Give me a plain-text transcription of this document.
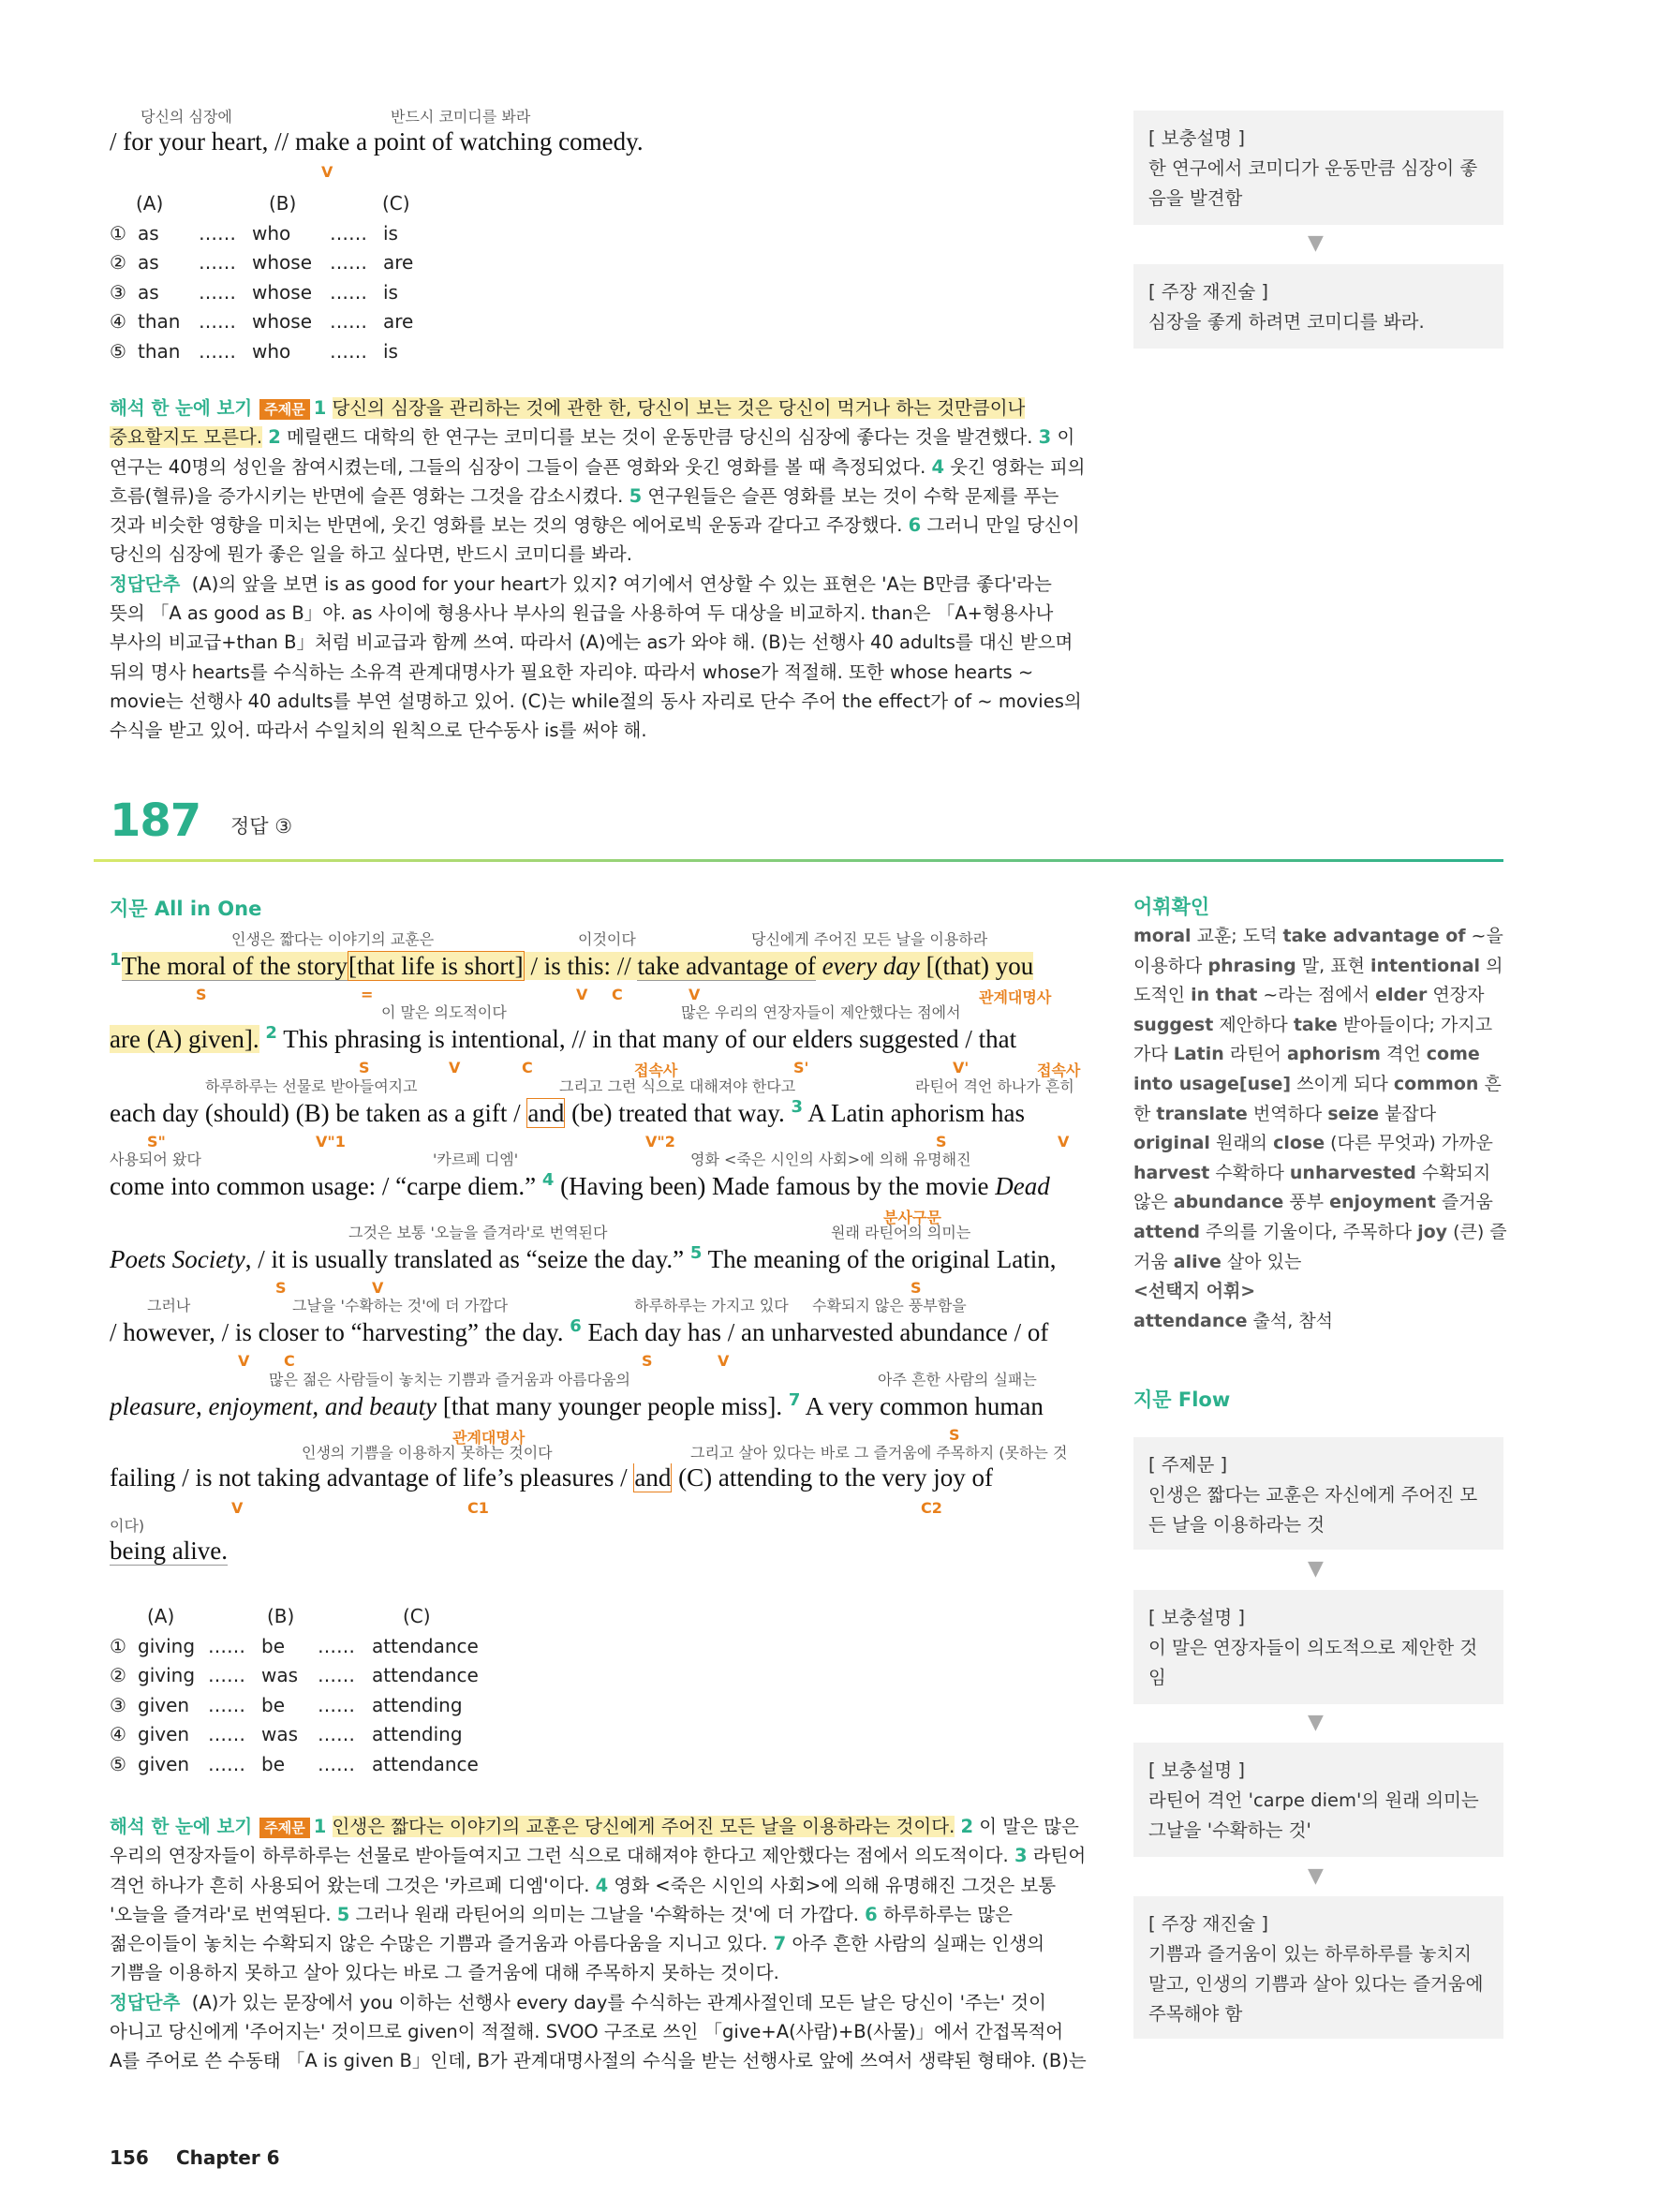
당신의 심장에	반드시 코미디를 봐라
/ for your heart, // make a point of watching comedy.
V
(A)	(B)	(C)
① as …… who …… is
② as …… whose …… are
③ as …… whose …… is
④ than …… whose …… are
⑤ than …… who …… is
해석 한 눈에 보기 주제문 1 당신의 심장을 관리하는 것에 관한 한, 당신이 보는 것은 당신이 먹거나 하는 것만큼이나 중요할지도 모른다. 2 메릴랜드 대학의 한 연구는 코미디를 보는 것이 운동만큼 당신의 심장에 좋다는 것을 발견했다. 3 이 연구는 40명의 성인을 참여시켰는데, 그들의 심장이 그들이 슬픈 영화와 웃긴 영화를 볼 때 측정되었다. 4 웃긴 영화는 피의 흐름(혈류)을 증가시키는 반면에 슬픈 영화는 그것을 감소시켰다. 5 연구원들은 슬픈 영화를 보는 것이 수학 문제를 푸는 것과 비슷한 영향을 미치는 반면에, 웃긴 영화를 보는 것의 영향은 에어로빅 운동과 같다고 주장했다. 6 그러니 만일 당신이 당신의 심장에 뭔가 좋은 일을 하고 싶다면, 반드시 코미디를 봐라.
정답단추 (A)의 앞을 보면 is as good for your heart가 있지? 여기에서 연상할 수 있는 표현은 'A는 B만큼 좋다'라는 뜻의 「A as good as B」야. as 사이에 형용사나 부사의 원급을 사용하여 두 대상을 비교하지. than은 「A+형용사나 부사의 비교급+than B」처럼 비교급과 함께 쓰여. 따라서 (A)에는 as가 와야 해. (B)는 선행사 40 adults를 대신 받으며 뒤의 명사 hearts를 수식하는 소유격 관계대명사가 필요한 자리야. 따라서 whose가 적절해. 또한 whose hearts ~ movie는 선행사 40 adults를 부연 설명하고 있어. (C)는 while절의 동사 자리로 단수 주어 the effect가 of ~ movies의 수식을 받고 있어. 따라서 수일치의 원칙으로 단수동사 is를 써야 해.
[ 보충설명 ]
한 연구에서 코미디가 운동만큼 심장이 좋음을 발견함
▼
[ 주장 재진술 ]
심장을 좋게 하려면 코미디를 봐라.
187 정답 ③
지문 All in One
인생은 짧다는 이야기의 교훈은	이것이다	당신에게 주어진 모든 날을 이용하라
$^1$The moral of the story[that life is short] / is this: // take advantage of every day [(that) you
S	=	V C	V	관계대명사
이 말은 의도적이다	많은 우리의 연장자들이 제안했다는 점에서
are (A) given]. $^2$ This phrasing is intentional, // in that many of our elders suggested / that
S	V	C	접속사	S'	V'	접속사
하루하루는 선물로 받아들여지고	그리고 그런 식으로 대해져야 한다고	라틴어 격언 하나가 흔히
each day (should) (B) be taken as a gift / and (be) treated that way. $^3$ A Latin aphorism has
S"	V"1	V"2	S	V
사용되어 왔다	'카르페 디엠'	영화 <죽은 시인의 사회>에 의해 유명해진
come into common usage: / “carpe diem.” $^4$ (Having been) Made famous by the movie Dead
분사구문
그것은 보통 '오늘을 즐겨라'로 번역된다	원래 라틴어의 의미는
Poets Society, / it is usually translated as “seize the day.” $^5$ The meaning of the original Latin,
S	V	S
그러나	그날을 '수확하는 것'에 더 가깝다	하루하루는 가지고 있다 수확되지 않은 풍부함을
/ however, / is closer to “harvesting” the day. $^6$ Each day has / an unharvested abundance / of
V C	S	V
많은 젊은 사람들이 놓치는 기쁨과 즐거움과 아름다움의	아주 흔한 사람의 실패는
pleasure, enjoyment, and beauty [that many younger people miss]. $^7$ A very common human
관계대명사	S
인생의 기쁨을 이용하지 못하는 것이다	그리고 살아 있다는 바로 그 즐거움에 주목하지 (못하는 것
failing / is not taking advantage of life’s pleasures / and (C) attending to the very joy of
V	C1	C2
이다)
being alive.
(A)	(B)	(C)
① giving …… be …… attendance
② giving …… was …… attendance
③ given …… be …… attending
④ given …… was …… attending
⑤ given …… be …… attendance
해석 한 눈에 보기 주제문 1 인생은 짧다는 이야기의 교훈은 당신에게 주어진 모든 날을 이용하라는 것이다. 2 이 말은 많은 우리의 연장자들이 하루하루는 선물로 받아들여지고 그런 식으로 대해져야 한다고 제안했다는 점에서 의도적이다. 3 라틴어 격언 하나가 흔히 사용되어 왔는데 그것은 '카르페 디엠'이다. 4 영화 <죽은 시인의 사회>에 의해 유명해진 그것은 보통 '오늘을 즐겨라'로 번역된다. 5 그러나 원래 라틴어의 의미는 그날을 '수확하는 것'에 더 가깝다. 6 하루하루는 많은 젊은이들이 놓치는 수확되지 않은 수많은 기쁨과 즐거움과 아름다움을 지니고 있다. 7 아주 흔한 사람의 실패는 인생의 기쁨을 이용하지 못하고 살아 있다는 바로 그 즐거움에 대해 주목하지 못하는 것이다.
정답단추 (A)가 있는 문장에서 you 이하는 선행사 every day를 수식하는 관계사절인데 모든 날은 당신이 '주는' 것이 아니고 당신에게 '주어지는' 것이므로 given이 적절해. SVOO 구조로 쓰인 「give+A(사람)+B(사물)」에서 간접목적어 A를 주어로 쓴 수동태 「A is given B」인데, B가 관계대명사절의 수식을 받는 선행사로 앞에 쓰여서 생략된 형태야. (B)는
어휘확인
moral 교훈; 도덕 take advantage of ~을 이용하다 phrasing 말, 표현 intentional 의도적인 in that ~라는 점에서 elder 연장자 suggest 제안하다 take 받아들이다; 가지고 가다 Latin 라틴어 aphorism 격언 come into usage[use] 쓰이게 되다 common 흔한 translate 번역하다 seize 붙잡다 original 원래의 close (다른 무엇과) 가까운 harvest 수확하다 unharvested 수확되지 않은 abundance 풍부 enjoyment 즐거움 attend 주의를 기울이다, 주목하다 joy (큰) 즐거움 alive 살아 있는
<선택지 어휘>
attendance 출석, 참석
지문 Flow
[ 주제문 ]
인생은 짧다는 교훈은 자신에게 주어진 모든 날을 이용하라는 것
▼
[ 보충설명 ]
이 말은 연장자들이 의도적으로 제안한 것임
▼
[ 보충설명 ]
라틴어 격언 'carpe diem'의 원래 의미는 그날을 '수확하는 것'
▼
[ 주장 재진술 ]
기쁨과 즐거움이 있는 하루하루를 놓치지 말고, 인생의 기쁨과 살아 있다는 즐거움에 주목해야 함
156 Chapter 6
